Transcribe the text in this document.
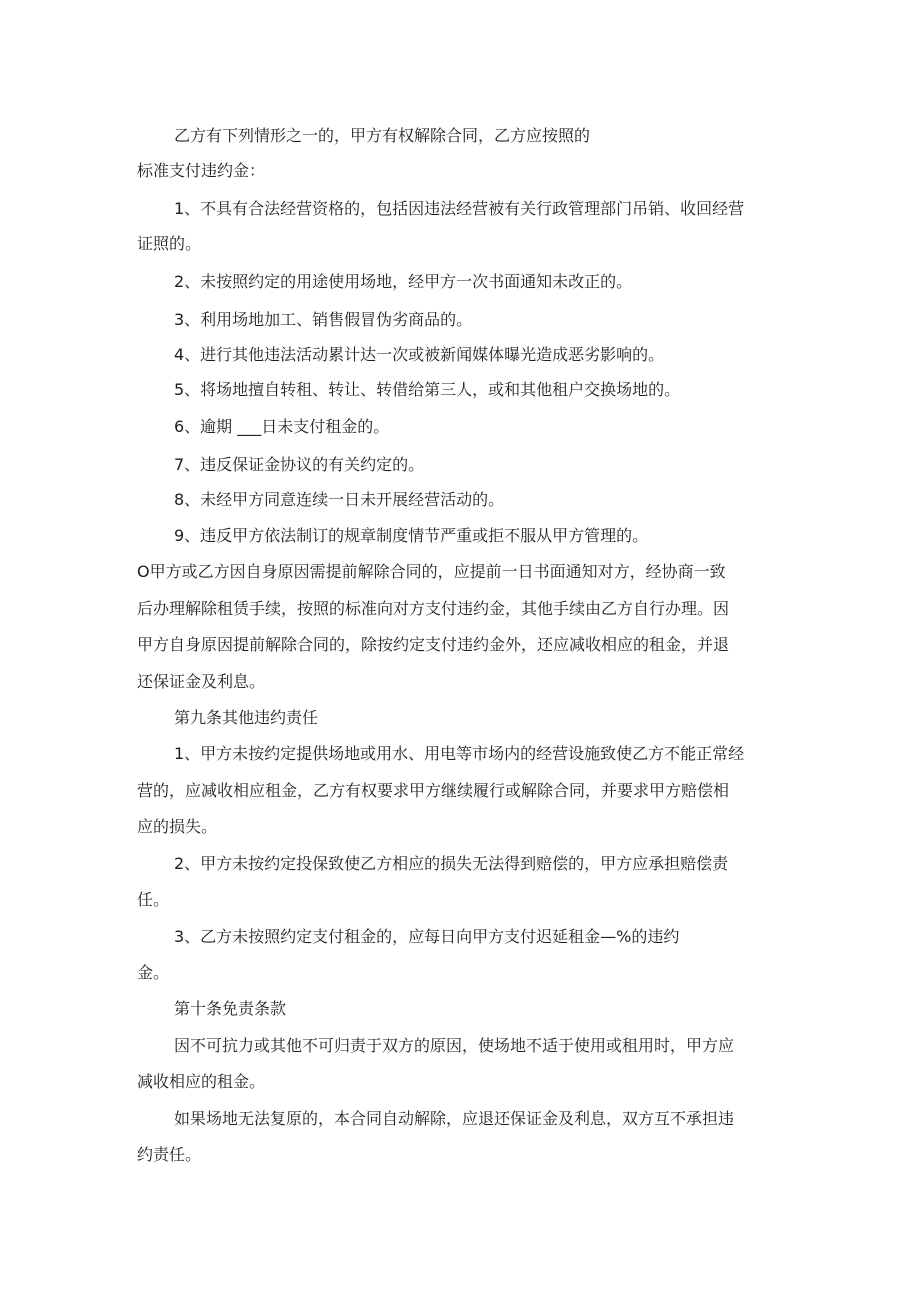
乙方有下列情形之一的，甲方有权解除合同，乙方应按照的
标准支付违约金：
1、不具有合法经营资格的，包括因违法经营被有关行政管理部门吊销、收回经营
证照的。
2、未按照约定的用途使用场地，经甲方一次书面通知未改正的。
3、利用场地加工、销售假冒伪劣商品的。
4、进行其他违法活动累计达一次或被新闻媒体曝光造成恶劣影响的。
5、将场地擅自转租、转让、转借给第三人，或和其他租户交换场地的。
6、逾期 ___日未支付租金的。
7、违反保证金协议的有关约定的。
8、未经甲方同意连续一日未开展经营活动的。
9、违反甲方依法制订的规章制度情节严重或拒不服从甲方管理的。
O甲方或乙方因自身原因需提前解除合同的，应提前一日书面通知对方，经协商一致
后办理解除租赁手续，按照的标准向对方支付违约金，其他手续由乙方自行办理。因
甲方自身原因提前解除合同的，除按约定支付违约金外，还应减收相应的租金，并退
还保证金及利息。
第九条其他违约责任
1、甲方未按约定提供场地或用水、用电等市场内的经营设施致使乙方不能正常经
营的，应减收相应租金，乙方有权要求甲方继续履行或解除合同，并要求甲方赔偿相
应的损失。
2、甲方未按约定投保致使乙方相应的损失无法得到赔偿的，甲方应承担赔偿责
任。
3、乙方未按照约定支付租金的，应每日向甲方支付迟延租金—%的违约
金。
第十条免责条款
因不可抗力或其他不可归责于双方的原因，使场地不适于使用或租用时，甲方应
减收相应的租金。
如果场地无法复原的，本合同自动解除，应退还保证金及利息，双方互不承担违
约责任。
